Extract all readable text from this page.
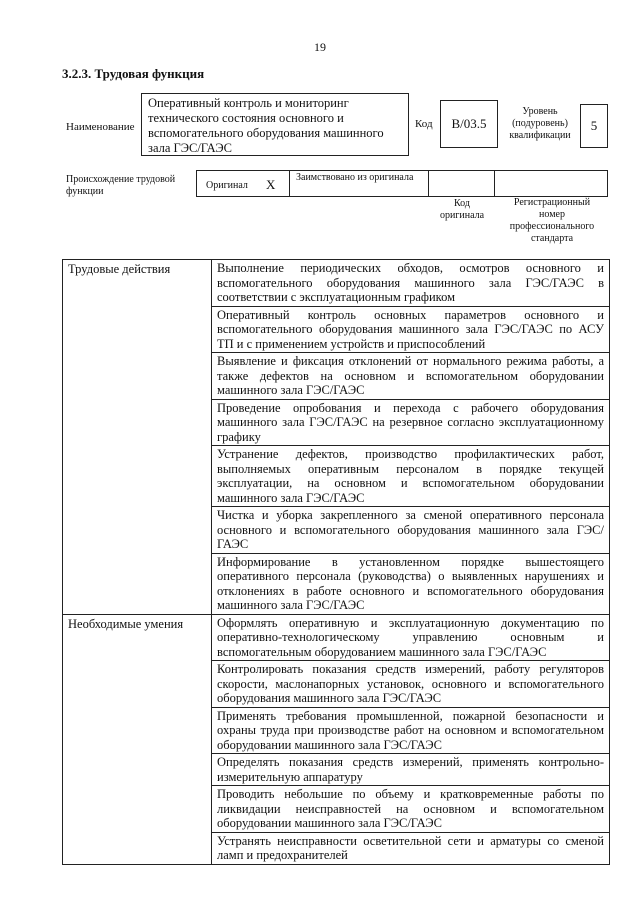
19
3.2.3. Трудовая функция
Наименование
Оперативный контроль и мониторинг технического состояния основного и вспомогательного оборудования машинного зала ГЭС/ГАЭС
Код B/03.5
Уровень (подуровень) квалификации
5
Происхождение трудовой функции
Оригинал X Заимствовано из оригинала
Код оригинала
Регистрационный номер профессионального стандарта
Трудовые действия	Выполнение периодических обходов, осмотров основного и вспомогательного оборудования машинного зала ГЭС/ГАЭС в соответствии с эксплуатационным графиком
	Оперативный контроль основных параметров основного и вспомогательного оборудования машинного зала ГЭС/ГАЭС по АСУ ТП и с применением устройств и приспособлений
	Выявление и фиксация отклонений от нормального режима работы, а также дефектов на основном и вспомогательном оборудовании машинного зала ГЭС/ГАЭС
	Проведение опробования и перехода с рабочего оборудования машинного зала ГЭС/ГАЭС на резервное согласно эксплуатационному графику
	Устранение дефектов, производство профилактических работ, выполняемых оперативным персоналом в порядке текущей эксплуатации, на основном и вспомогательном оборудовании машинного зала ГЭС/ГАЭС
	Чистка и уборка закрепленного за сменой оперативного персонала основного и вспомогательного оборудования машинного зала ГЭС/ГАЭС
	Информирование в установленном порядке вышестоящего оперативного персонала (руководства) о выявленных нарушениях и отклонениях в работе основного и вспомогательного оборудования машинного зала ГЭС/ГАЭС
Необходимые умения	Оформлять оперативную и эксплуатационную документацию по оперативно-технологическому управлению основным и вспомогательным оборудованием машинного зала ГЭС/ГАЭС
	Контролировать показания средств измерений, работу регуляторов скорости, маслонапорных установок, основного и вспомогательного оборудования машинного зала ГЭС/ГАЭС
	Применять требования промышленной, пожарной безопасности и охраны труда при производстве работ на основном и вспомогательном оборудовании машинного зала ГЭС/ГАЭС
	Определять показания средств измерений, применять контрольно-измерительную аппаратуру
	Проводить небольшие по объему и кратковременные работы по ликвидации неисправностей на основном и вспомогательном оборудовании машинного зала ГЭС/ГАЭС
	Устранять неисправности осветительной сети и арматуры со сменой ламп и предохранителей
